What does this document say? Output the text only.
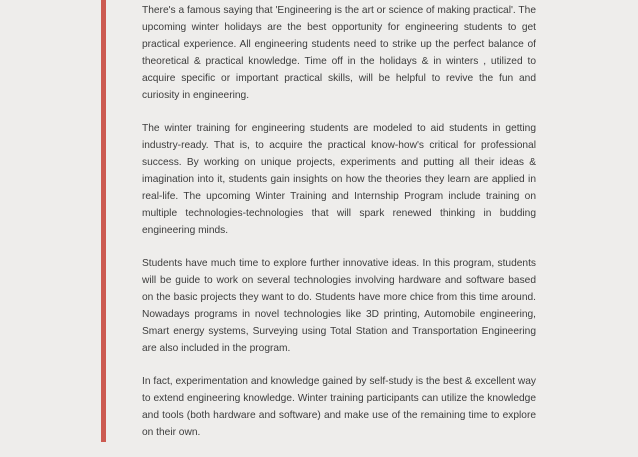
There's a famous saying that 'Engineering is the art or science of making practical'. The upcoming winter holidays are the best opportunity for engineering students to get practical experience. All engineering students need to strike up the perfect balance of theoretical & practical knowledge. Time off in the holidays & in winters , utilized to acquire specific or important practical skills, will be helpful to revive the fun and curiosity in engineering.

The winter training for engineering students are modeled to aid students in getting industry-ready. That is, to acquire the practical know-how's critical for professional success. By working on unique projects, experiments and putting all their ideas & imagination into it, students gain insights on how the theories they learn are applied in real-life. The upcoming Winter Training and Internship Program include training on multiple technologies-technologies that will spark renewed thinking in budding engineering minds.

Students have much time to explore further innovative ideas. In this program, students will be guide to work on several technologies involving hardware and software based on the basic projects they want to do. Students have more chice from this time around. Nowadays programs in novel technologies like 3D printing, Automobile engineering, Smart energy systems, Surveying using Total Station and Transportation Engineering are also included in the program.

In fact, experimentation and knowledge gained by self-study is the best & excellent way to extend engineering knowledge. Winter training participants can utilize the knowledge and tools (both hardware and software) and make use of the remaining time to explore on their own.
